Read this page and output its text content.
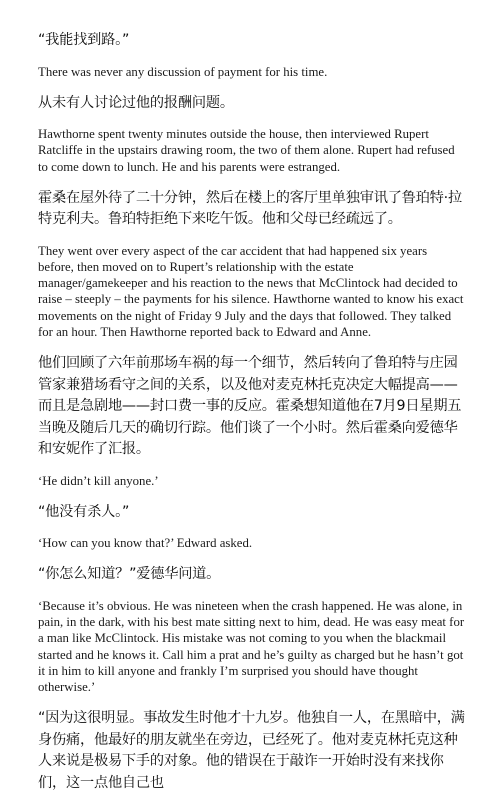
“我能找到路。”

There was never any discussion of payment for his time.

从未有人讨论过他的报酬问题。

Hawthorne spent twenty minutes outside the house, then interviewed Rupert Ratcliffe in the upstairs drawing room, the two of them alone. Rupert had refused to come down to lunch. He and his parents were estranged.

霍桑在屋外待了二十分钟，然后在楼上的客厅里单独审讯了鲁珀特·拉特克利夫。鲁珀特拒绝下来吃午饭。他和父母已经疏远了。

They went over every aspect of the car accident that had happened six years before, then moved on to Rupert’s relationship with the estate manager/gamekeeper and his reaction to the news that McClintock had decided to raise – steeply – the payments for his silence. Hawthorne wanted to know his exact movements on the night of Friday 9 July and the days that followed. They talked for an hour. Then Hawthorne reported back to Edward and Anne.

他们回顾了六年前那场车祸的每一个细节，然后转向了鲁珀特与庄园管家兼猎场看守之间的关系，以及他对麦克林托克决定大幅提高——而且是急剧地——封口费一事的反应。霍桑想知道他在7月9日星期五当晚及随后几天的确切行踪。他们谈了一个小时。然后霍桑向爱德华和安妮作了汇报。

‘He didn’t kill anyone.’

“他没有杀人。”

‘How can you know that?’ Edward asked.

“你怎么知道？”爱德华问道。

‘Because it’s obvious. He was nineteen when the crash happened. He was alone, in pain, in the dark, with his best mate sitting next to him, dead. He was easy meat for a man like McClintock. His mistake was not coming to you when the blackmail started and he knows it. Call him a prat and he’s guilty as charged but he hasn’t got it in him to kill anyone and frankly I’m surprised you should have thought otherwise.’

“因为这很明显。事故发生时他才十九岁。他独自一人，在黑暗中，满身伤痛，他最好的朋友就坐在旁边，已经死了。他对麦克林托克这种人来说是极易下手的对象。他的错误在于敲诈一开始时没有来找你们，这一点他自己也
